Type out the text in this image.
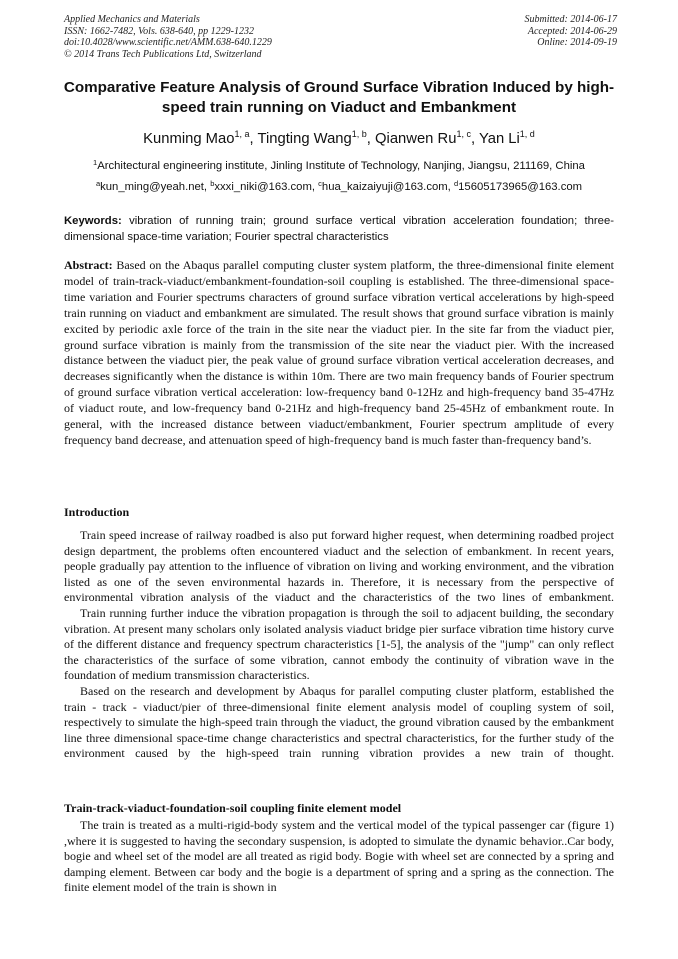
Applied Mechanics and Materials
ISSN: 1662-7482, Vols. 638-640, pp 1229-1232
doi:10.4028/www.scientific.net/AMM.638-640.1229
© 2014 Trans Tech Publications Ltd, Switzerland
Submitted: 2014-06-17
Accepted: 2014-06-29
Online: 2014-09-19
Comparative Feature Analysis of Ground Surface Vibration Induced by high-speed train running on Viaduct and Embankment
Kunming Mao$^{1, a}$, Tingting Wang$^{1, b}$, Qianwen Ru$^{1, c}$, Yan Li$^{1, d}$
$^1$Architectural engineering institute, Jinling Institute of Technology, Nanjing, Jiangsu, 211169, China
$^a$kun_ming@yeah.net, $^b$xxxi_niki@163.com, $^c$hua_kaizaiyuji@163.com, $^d$15605173965@163.com
Keywords: vibration of running train; ground surface vertical vibration acceleration foundation; three-dimensional space-time variation; Fourier spectral characteristics
Abstract: Based on the Abaqus parallel computing cluster system platform, the three-dimensional finite element model of train-track-viaduct/embankment-foundation-soil coupling is established. The three-dimensional space-time variation and Fourier spectrums characters of ground surface vibration vertical accelerations by high-speed train running on viaduct and embankment are simulated. The result shows that ground surface vibration is mainly excited by periodic axle force of the train in the site near the viaduct pier. In the site far from the viaduct pier, ground surface vibration is mainly from the transmission of the site near the viaduct pier. With the increased distance between the viaduct pier, the peak value of ground surface vibration vertical acceleration decreases, and decreases significantly when the distance is within 10m. There are two main frequency bands of Fourier spectrum of ground surface vibration vertical acceleration: low-frequency band 0-12Hz and high-frequency band 35-47Hz of viaduct route, and low-frequency band 0-21Hz and high-frequency band 25-45Hz of embankment route. In general, with the increased distance between viaduct/embankment, Fourier spectrum amplitude of every frequency band decrease, and attenuation speed of high-frequency band is much faster than-frequency band’s.
Introduction

Train speed increase of railway roadbed is also put forward higher request, when determining roadbed project design department, the problems often encountered viaduct and the selection of embankment. In recent years, people gradually pay attention to the influence of vibration on living and working environment, and the vibration listed as one of the seven environmental hazards in. Therefore, it is necessary from the perspective of environmental vibration analysis of the viaduct and the characteristics of the two lines of embankment.

Train running further induce the vibration propagation is through the soil to adjacent building, the secondary vibration. At present many scholars only isolated analysis viaduct bridge pier surface vibration time history curve of the different distance and frequency spectrum characteristics [1-5], the analysis of the "jump" can only reflect the characteristics of the surface of some vibration, cannot embody the continuity of vibration wave in the foundation of medium transmission characteristics.

Based on the research and development by Abaqus for parallel computing cluster platform, established the train - track - viaduct/pier of three-dimensional finite element analysis model of coupling system of soil, respectively to simulate the high-speed train through the viaduct, the ground vibration caused by the embankment line three dimensional space-time change characteristics and spectral characteristics, for the further study of the environment caused by the high-speed train running vibration provides a new train of thought.

Train-track-viaduct-foundation-soil coupling finite element model

The train is treated as a multi-rigid-body system and the vertical model of the typical passenger car (figure 1) ,where it is suggested to having the secondary suspension, is adopted to simulate the dynamic behavior..Car body, bogie and wheel set of the model are all treated as rigid body. Bogie with wheel set are connected by a spring and damping element. Between car body and the bogie is a department of spring and a spring as the connection. The finite element model of the train is shown in
